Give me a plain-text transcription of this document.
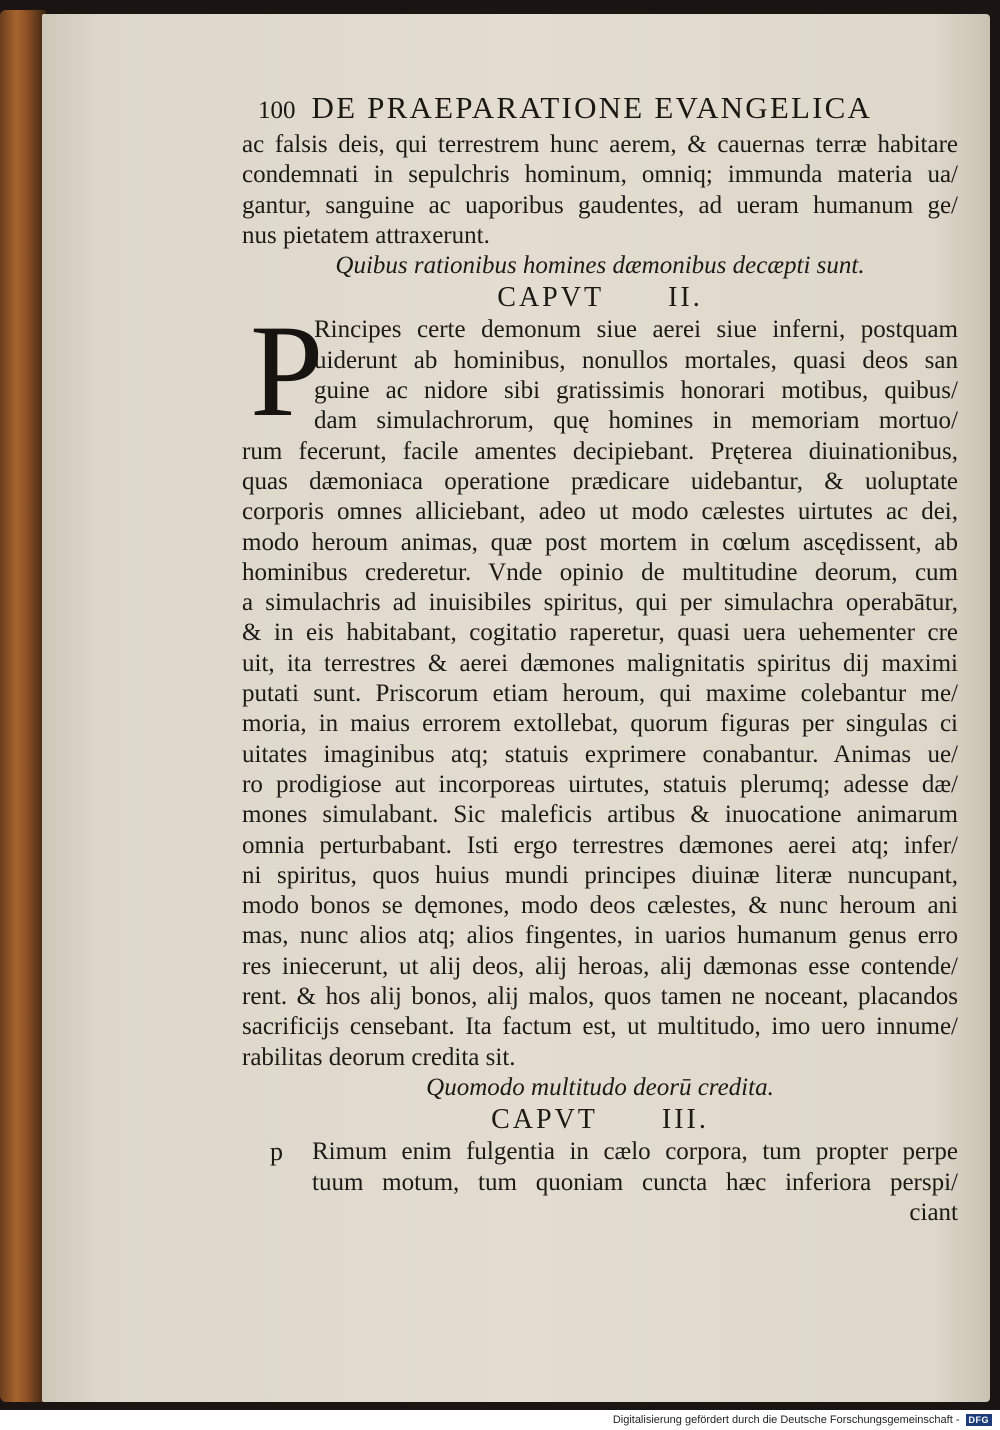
100 DE PRAEPARATIONE EVANGELICA
ac falsis deis, qui terrestrem hunc aerem, & cauernas terræ habitare
condemnati in sepulchris hominum, omniq; immunda materia ua/
gantur, sanguine ac uaporibus gaudentes, ad ueram humanum ge/
nus pietatem attraxerunt.
Quibus rationibus homines dæmonibus decæpti sunt.
CAPVT II.
P
Rincipes certe demonum siue aerei siue inferni, postquam
uiderunt ab hominibus, nonullos mortales, quasi deos san
guine ac nidore sibi gratissimis honorari motibus, quibus/
dam simulachrorum, quę homines in memoriam mortuo/
rum fecerunt, facile amentes decipiebant. Pręterea diuinationibus,
quas dæmoniaca operatione prædicare uidebantur, & uoluptate
corporis omnes alliciebant, adeo ut modo cælestes uirtutes ac dei,
modo heroum animas, quæ post mortem in cœlum ascędissent, ab
hominibus crederetur. Vnde opinio de multitudine deorum, cum
a simulachris ad inuisibiles spiritus, qui per simulachra operabātur,
& in eis habitabant, cogitatio raperetur, quasi uera uehementer cre
uit, ita terrestres & aerei dæmones malignitatis spiritus dij maximi
putati sunt. Priscorum etiam heroum, qui maxime colebantur me/
moria, in maius errorem extollebat, quorum figuras per singulas ci
uitates imaginibus atq; statuis exprimere conabantur. Animas ue/
ro prodigiose aut incorporeas uirtutes, statuis plerumq; adesse dæ/
mones simulabant. Sic maleficis artibus & inuocatione animarum
omnia perturbabant. Isti ergo terrestres dæmones aerei atq; infer/
ni spiritus, quos huius mundi principes diuinæ literæ nuncupant,
modo bonos se dęmones, modo deos cælestes, & nunc heroum ani
mas, nunc alios atq; alios fingentes, in uarios humanum genus erro
res iniecerunt, ut alij deos, alij heroas, alij dæmonas esse contende/
rent. & hos alij bonos, alij malos, quos tamen ne noceant, placandos
sacrificijs censebant. Ita factum est, ut multitudo, imo uero innume/
rabilitas deorum credita sit.
Quomodo multitudo deorū credita.
CAPVT III.
p	Rimum enim fulgentia in cælo corpora, tum propter perpe
tuum motum, tum quoniam cuncta hæc inferiora perspi/
ciant
Digitalisierung gefördert durch die Deutsche Forschungsgemeinschaft -	DFG
